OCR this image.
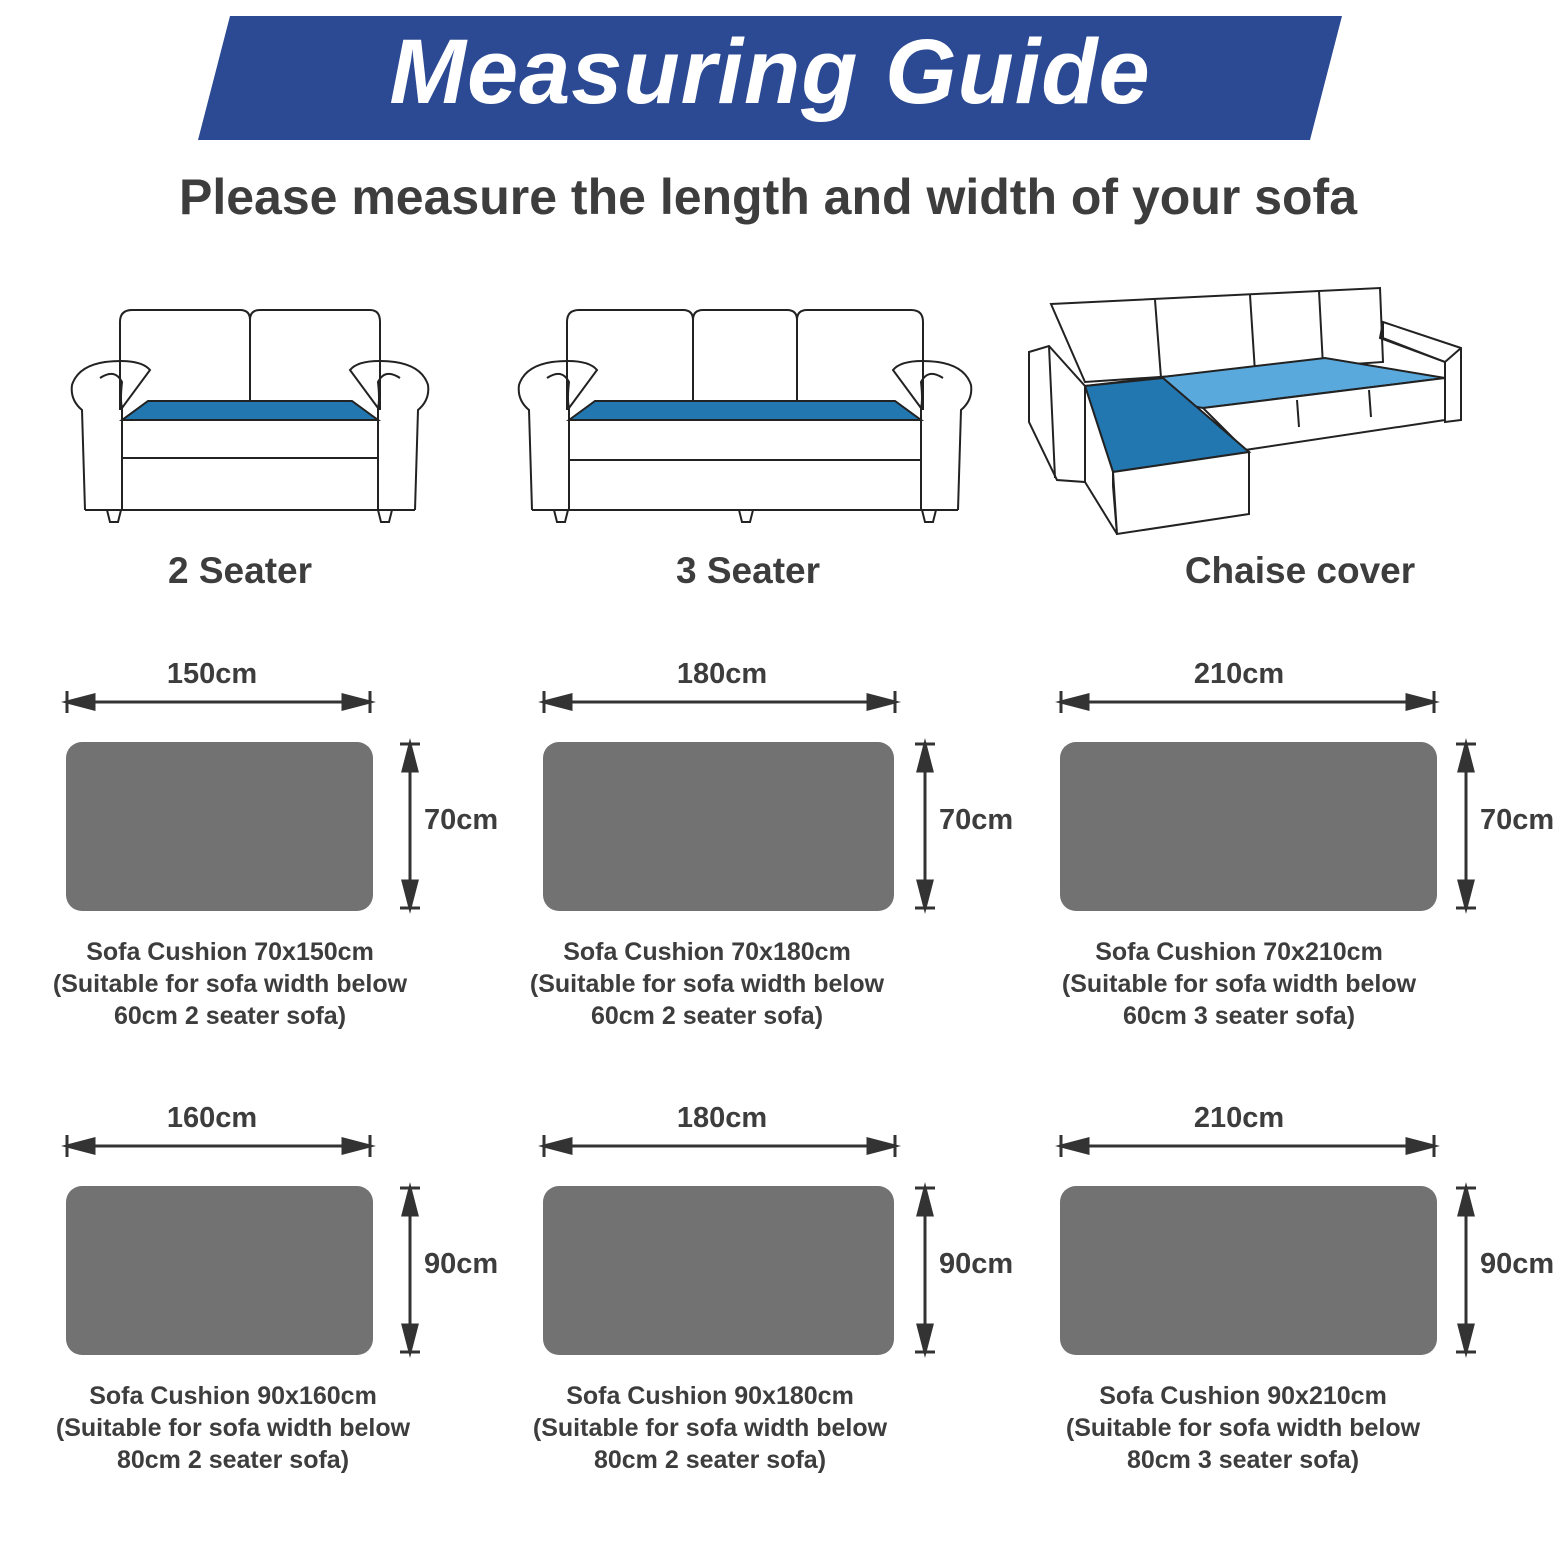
Measuring Guide
Please measure the length and width of your sofa
2 Seater	3 Seater	Chaise cover
150cm
70cm
Sofa Cushion 70x150cm
(Suitable for sofa width below
60cm 2 seater sofa)
180cm
70cm
Sofa Cushion 70x180cm
(Suitable for sofa width below
60cm 2 seater sofa)
210cm
70cm
Sofa Cushion 70x210cm
(Suitable for sofa width below
60cm 3 seater sofa)
160cm
90cm
Sofa Cushion 90x160cm
(Suitable for sofa width below
80cm 2 seater sofa)
180cm
90cm
Sofa Cushion 90x180cm
(Suitable for sofa width below
80cm 2 seater sofa)
210cm
90cm
Sofa Cushion 90x210cm
(Suitable for sofa width below
80cm 3 seater sofa)
